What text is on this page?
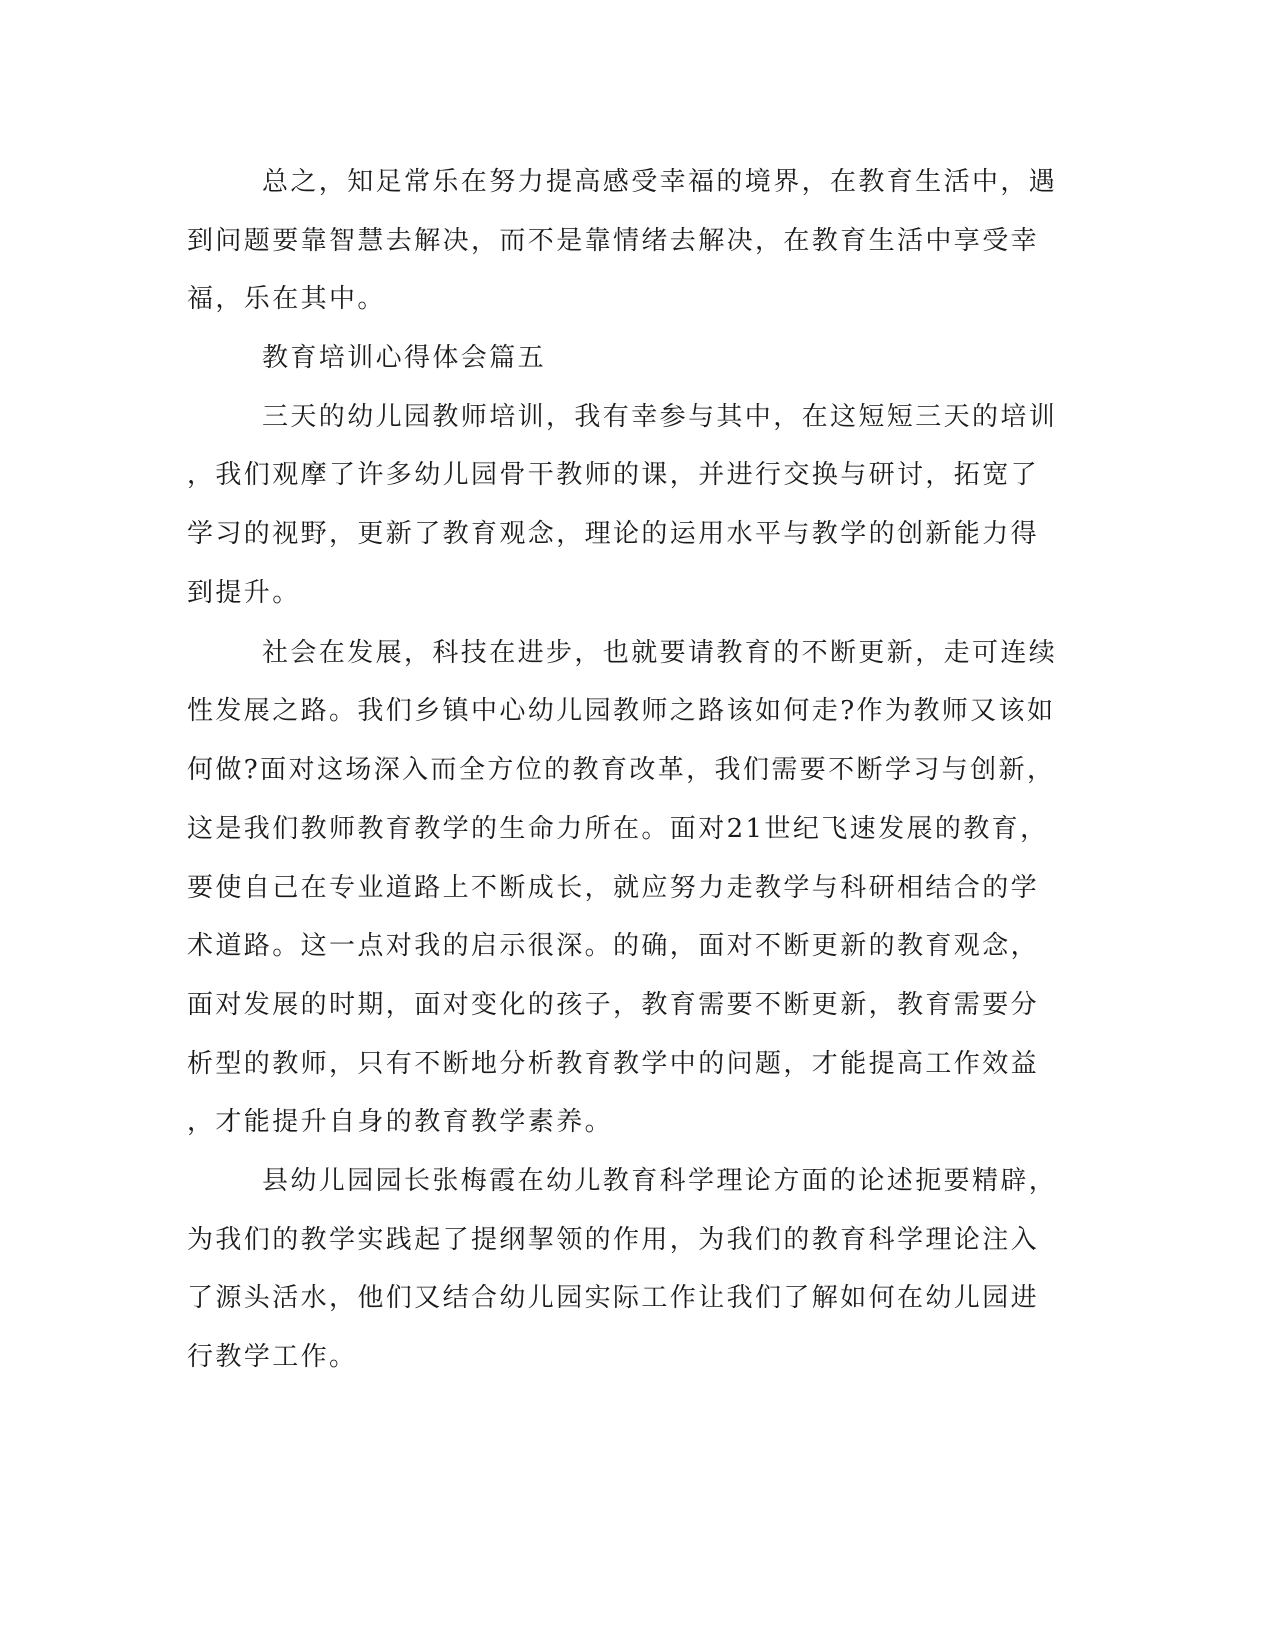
总之，知足常乐在努力提高感受幸福的境界，在教育生活中，遇
到问题要靠智慧去解决，而不是靠情绪去解决，在教育生活中享受幸
福，乐在其中。
教育培训心得体会篇五
三天的幼儿园教师培训，我有幸参与其中，在这短短三天的培训
，我们观摩了许多幼儿园骨干教师的课，并进行交换与研讨，拓宽了
学习的视野，更新了教育观念，理论的运用水平与教学的创新能力得
到提升。
社会在发展，科技在进步，也就要请教育的不断更新，走可连续
性发展之路。我们乡镇中心幼儿园教师之路该如何走?作为教师又该如
何做?面对这场深入而全方位的教育改革，我们需要不断学习与创新，
这是我们教师教育教学的生命力所在。面对21世纪飞速发展的教育，
要使自己在专业道路上不断成长，就应努力走教学与科研相结合的学
术道路。这一点对我的启示很深。的确，面对不断更新的教育观念，
面对发展的时期，面对变化的孩子，教育需要不断更新，教育需要分
析型的教师，只有不断地分析教育教学中的问题，才能提高工作效益
，才能提升自身的教育教学素养。
县幼儿园园长张梅霞在幼儿教育科学理论方面的论述扼要精辟，
为我们的教学实践起了提纲挈领的作用，为我们的教育科学理论注入
了源头活水，他们又结合幼儿园实际工作让我们了解如何在幼儿园进
行教学工作。
